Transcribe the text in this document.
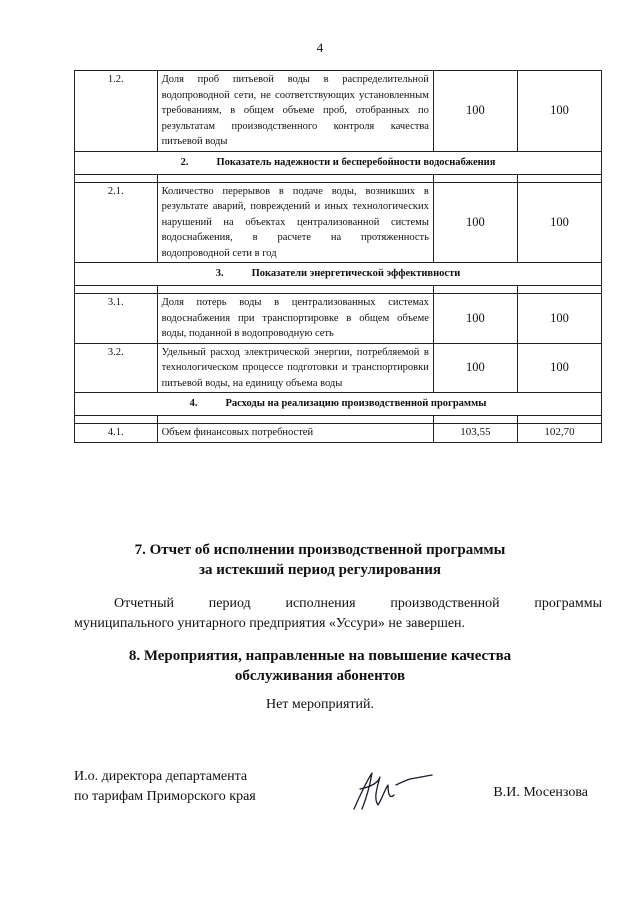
4
1.2.	Доля проб питьевой воды в распределительной водопроводной сети, не соответствующих установленным требованиям, в общем объеме проб, отобранных по результатам производственного контроля качества питьевой воды	100	100
2. Показатель надежности и бесперебойности водоснабжения			

2.1.	Количество перерывов в подаче воды, возникших в результате аварий, повреждений и иных технологических нарушений на объектах централизованной системы водоснабжения, в расчете на протяженность водопроводной сети в год	100	100
3. Показатели энергетической эффективности			

3.1.	Доля потерь воды в централизованных системах водоснабжения при транспортировке в общем объеме воды, поданной в водопроводную сеть	100	100
3.2.	Удельный расход электрической энергии, потребляемой в технологическом процессе подготовки и транспортировки питьевой воды, на единицу объема воды	100	100
4. Расходы на реализацию производственной программы			

4.1.	Объем финансовых потребностей	103,55	102,70
7. Отчет об исполнении производственной программы
за истекший период регулирования
Отчетный период исполнения производственной программы
муниципального унитарного предприятия «Уссури» не завершен.
8. Мероприятия, направленные на повышение качества
обслуживания абонентов
Нет мероприятий.
И.о. директора департамента
по тарифам Приморского края	В.И. Мосензова
